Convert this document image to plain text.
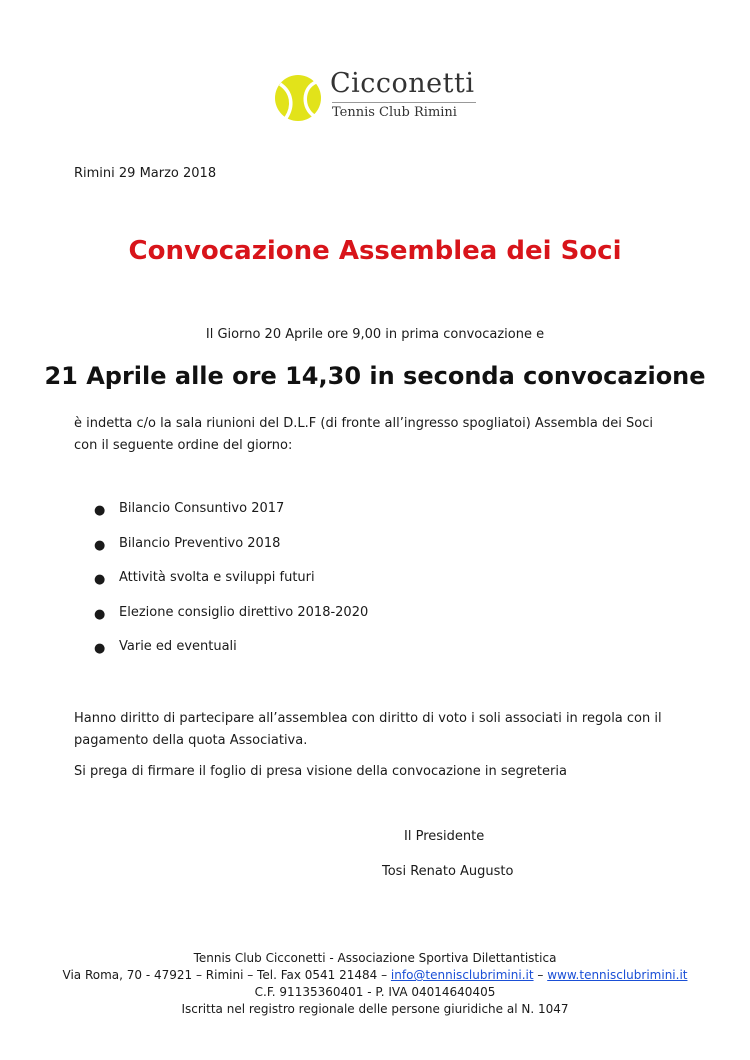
Cicconetti
Tennis Club Rimini
Rimini 29 Marzo 2018
Convocazione Assemblea dei Soci
Il Giorno 20 Aprile ore 9,00 in prima convocazione e
21 Aprile alle ore 14,30 in seconda convocazione
è indetta c/o la sala riunioni del D.L.F (di fronte all’ingresso spogliatoi) Assembla dei Soci con il seguente ordine del giorno:
● Bilancio Consuntivo 2017
● Bilancio Preventivo 2018
● Attività svolta e sviluppi futuri
● Elezione consiglio direttivo 2018-2020
● Varie ed eventuali
Hanno diritto di partecipare all’assemblea con diritto di voto i soli associati in regola con il pagamento della quota Associativa.
Si prega di firmare il foglio di presa visione della convocazione in segreteria
Il Presidente
Tosi Renato Augusto
Tennis Club Cicconetti - Associazione Sportiva Dilettantistica
Via Roma, 70 - 47921 – Rimini – Tel. Fax 0541 21484 – info@tennisclubrimini.it – www.tennisclubrimini.it
C.F. 91135360401 - P. IVA 04014640405
Iscritta nel registro regionale delle persone giuridiche al N. 1047
